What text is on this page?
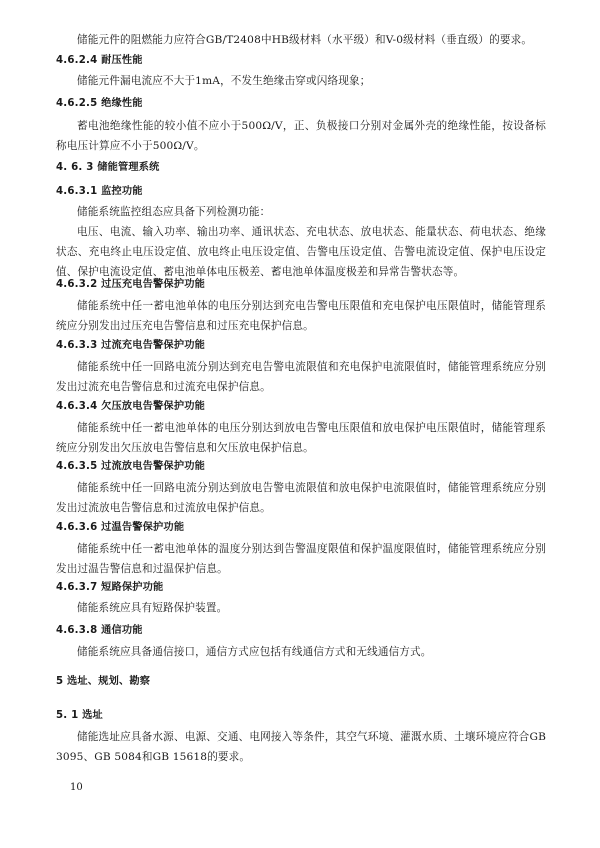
储能元件的阻燃能力应符合GB/T2408中HB级材料（水平级）和V-0级材料（垂直级）的要求。

4.6.2.4 耐压性能

储能元件漏电流应不大于1mA，不发生绝缘击穿或闪络现象；

4.6.2.5 绝缘性能

蓄电池绝缘性能的较小值不应小于500Ω/V，正、负极接口分别对金属外壳的绝缘性能，按设备标称电压计算应不小于500Ω/V。

4. 6. 3 储能管理系统
4.6.3.1 监控功能

储能系统监控组态应具备下列检测功能：

电压、电流、输入功率、输出功率、通讯状态、充电状态、放电状态、能量状态、荷电状态、绝缘状态、充电终止电压设定值、放电终止电压设定值、告警电压设定值、告警电流设定值、保护电压设定值、保护电流设定值、蓄电池单体电压极差、蓄电池单体温度极差和异常告警状态等。

4.6.3.2 过压充电告警保护功能

储能系统中任一蓄电池单体的电压分别达到充电告警电压限值和充电保护电压限值时，储能管理系统应分别发出过压充电告警信息和过压充电保护信息。

4.6.3.3 过流充电告警保护功能

储能系统中任一回路电流分别达到充电告警电流限值和充电保护电流限值时，储能管理系统应分别发出过流充电告警信息和过流充电保护信息。

4.6.3.4 欠压放电告警保护功能

储能系统中任一蓄电池单体的电压分别达到放电告警电压限值和放电保护电压限值时，储能管理系统应分别发出欠压放电告警信息和欠压放电保护信息。

4.6.3.5 过流放电告警保护功能

储能系统中任一回路电流分别达到放电告警电流限值和放电保护电流限值时，储能管理系统应分别发出过流放电告警信息和过流放电保护信息。

4.6.3.6 过温告警保护功能

储能系统中任一蓄电池单体的温度分别达到告警温度限值和保护温度限值时，储能管理系统应分别发出过温告警信息和过温保护信息。

4.6.3.7 短路保护功能

储能系统应具有短路保护装置。

4.6.3.8 通信功能

储能系统应具备通信接口，通信方式应包括有线通信方式和无线通信方式。

5 选址、规划、勘察
5. 1 选址

储能选址应具备水源、电源、交通、电网接入等条件，其空气环境、灌溉水质、土壤环境应符合GB 3095、GB 5084和GB 15618的要求。

10
